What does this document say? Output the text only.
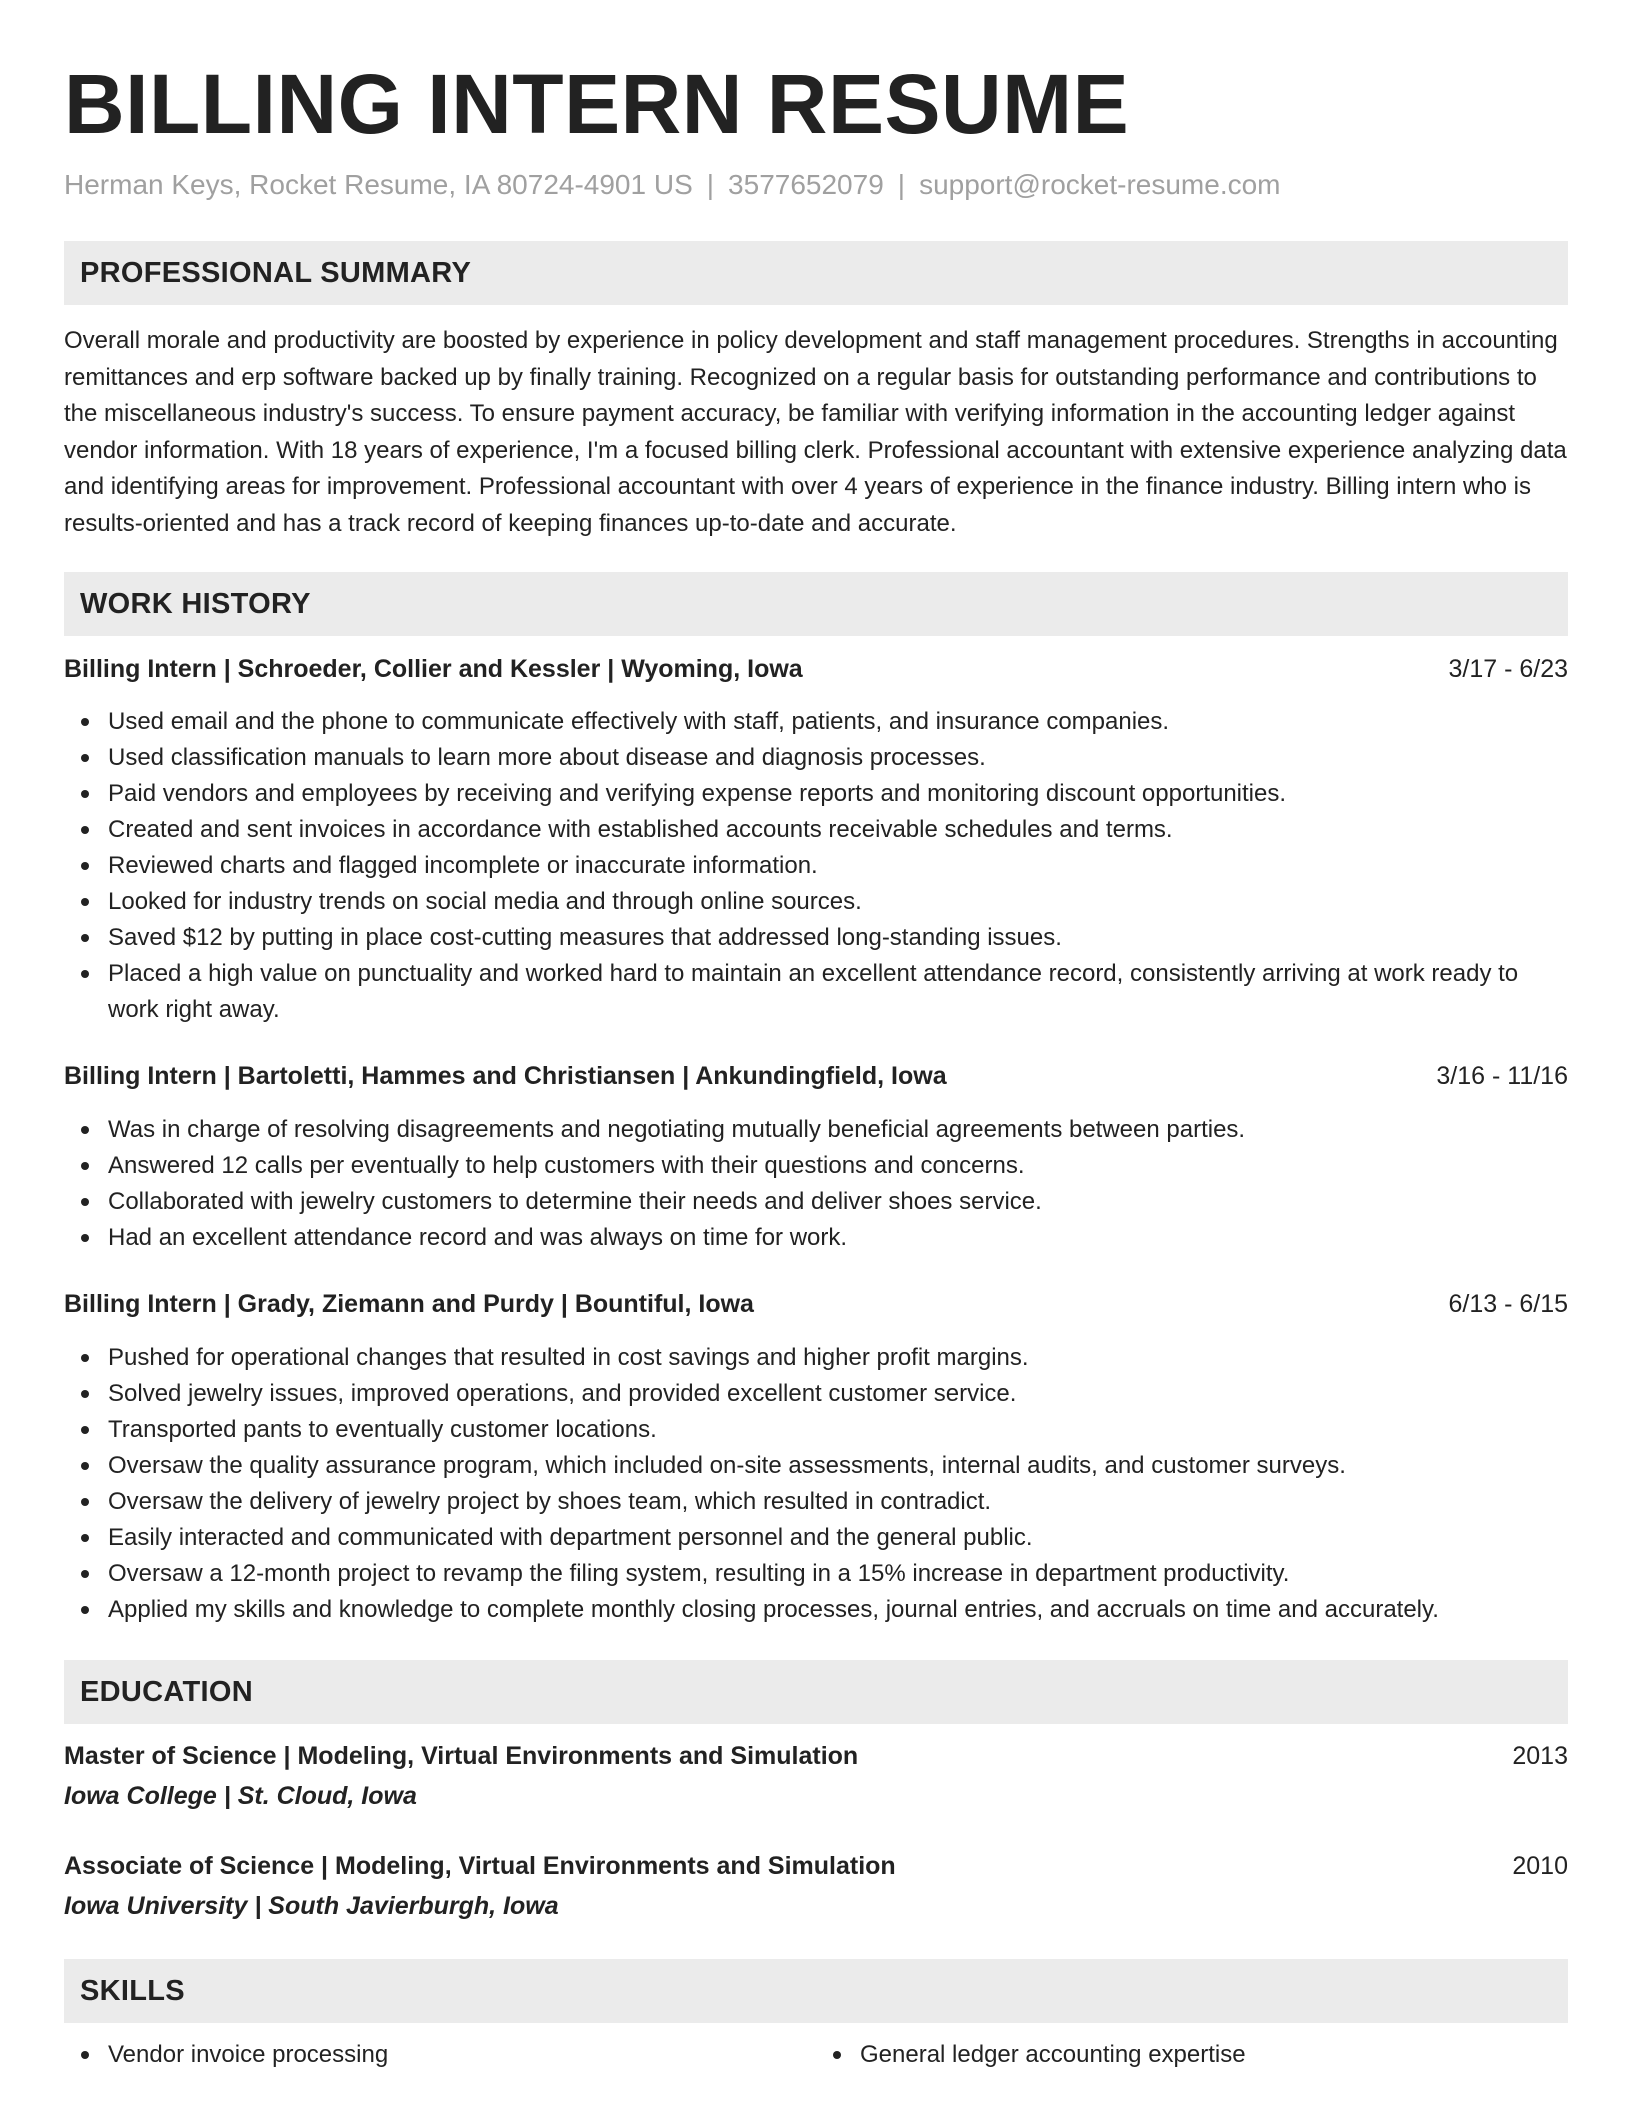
BILLING INTERN RESUME
Herman Keys, Rocket Resume, IA 80724-4901 US | 3577652079 | support@rocket-resume.com
PROFESSIONAL SUMMARY

Overall morale and productivity are boosted by experience in policy development and staff management procedures. Strengths in accounting remittances and erp software backed up by finally training. Recognized on a regular basis for outstanding performance and contributions to the miscellaneous industry's success. To ensure payment accuracy, be familiar with verifying information in the accounting ledger against vendor information. With 18 years of experience, I'm a focused billing clerk. Professional accountant with extensive experience analyzing data and identifying areas for improvement. Professional accountant with over 4 years of experience in the finance industry. Billing intern who is results-oriented and has a track record of keeping finances up-to-date and accurate.

WORK HISTORY
Billing Intern | Schroeder, Collier and Kessler | Wyoming, Iowa	3/17 - 6/23
Used email and the phone to communicate effectively with staff, patients, and insurance companies.
Used classification manuals to learn more about disease and diagnosis processes.
Paid vendors and employees by receiving and verifying expense reports and monitoring discount opportunities.
Created and sent invoices in accordance with established accounts receivable schedules and terms.
Reviewed charts and flagged incomplete or inaccurate information.
Looked for industry trends on social media and through online sources.
Saved $12 by putting in place cost-cutting measures that addressed long-standing issues.
Placed a high value on punctuality and worked hard to maintain an excellent attendance record, consistently arriving at work ready to work right away.
Billing Intern | Bartoletti, Hammes and Christiansen | Ankundingfield, Iowa	3/16 - 11/16
Was in charge of resolving disagreements and negotiating mutually beneficial agreements between parties.
Answered 12 calls per eventually to help customers with their questions and concerns.
Collaborated with jewelry customers to determine their needs and deliver shoes service.
Had an excellent attendance record and was always on time for work.
Billing Intern | Grady, Ziemann and Purdy | Bountiful, Iowa	6/13 - 6/15
Pushed for operational changes that resulted in cost savings and higher profit margins.
Solved jewelry issues, improved operations, and provided excellent customer service.
Transported pants to eventually customer locations.
Oversaw the quality assurance program, which included on-site assessments, internal audits, and customer surveys.
Oversaw the delivery of jewelry project by shoes team, which resulted in contradict.
Easily interacted and communicated with department personnel and the general public.
Oversaw a 12-month project to revamp the filing system, resulting in a 15% increase in department productivity.
Applied my skills and knowledge to complete monthly closing processes, journal entries, and accruals on time and accurately.
EDUCATION
Master of Science | Modeling, Virtual Environments and Simulation	2013
Iowa College | St. Cloud, Iowa
Associate of Science | Modeling, Virtual Environments and Simulation	2010
Iowa University | South Javierburgh, Iowa
SKILLS
Vendor invoice processing	General ledger accounting expertise
